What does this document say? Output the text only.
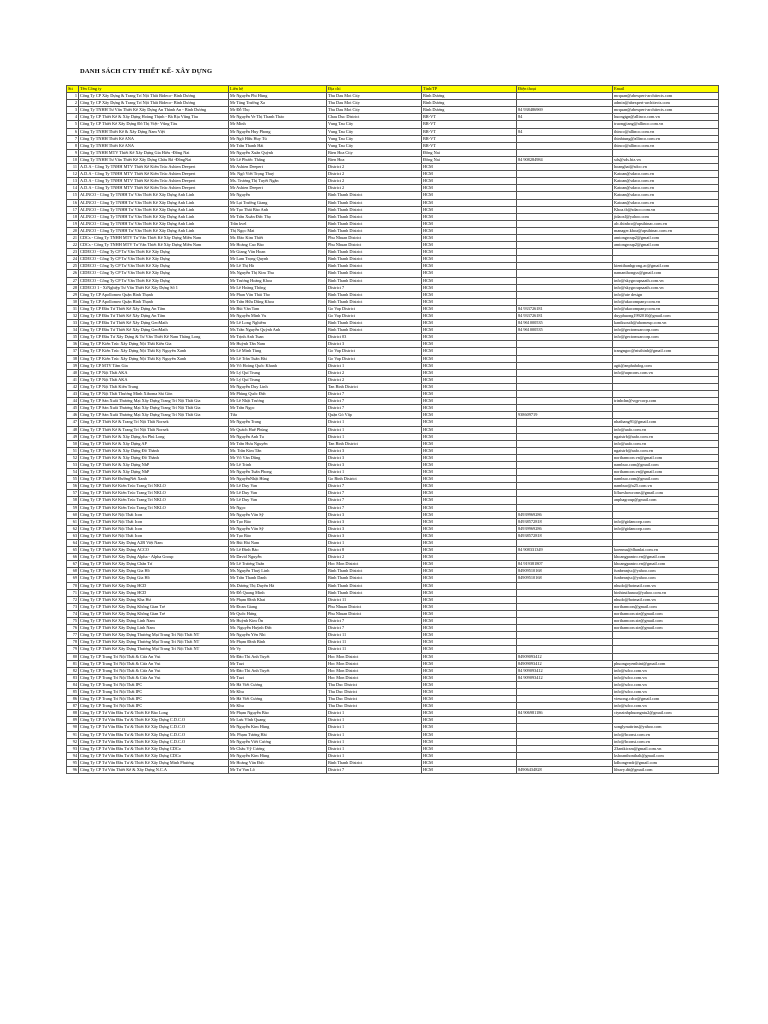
DANH SÁCH CTY THIẾT KẾ- XÂY DỰNG
Stt	Tên Công ty	Liên hệ	Địa chỉ	Tỉnh/TP	Điện thoại	Email
1	Công Ty CP Xây Dựng & Trang Trí Nội Thất Bideco- Bình Dương	Mr Nguyễn Phi Hùng	Thu Dau Mot City	Bình Dương		mrquan@abexpert-architects.com
2	Công Ty CP Xây Dựng & Trang Trí Nội Thất Bideco- Bình Dương	Mr Tăng Trường Xa	Thu Dau Mot City	Bình Dương		admin@abexpert-architects.com
3	Công Ty TNHH Tư Vấn Thiết Kế Xây Dựng An Thành An - Bình Dương	Mr Đỗ Thọ	Thu Dau Mot City	Bình Dương	84 938486969	mrquan@abexpert-architects.com
4	Công Ty CP Thiết Kế & Xây Dựng Hoàng Thịnh - Bà Rịa Vũng Tàu	Mr Nguyễn Ve Thị Thanh Thảo	Chau Duc District	BR-VT	84	huongtgn@allinco.com.vn
5	Công Ty CP Thiết Kế Xây Dựng Đô Thị Việt- Vũng Tàu	Mr Minh	Vung Tau City	BR-VT		truongjiang@allinco.com.vn
6	Công Ty TNHH Thiết Kế & Xây Dựng Nam Việt	Mr Nguyễn Huy Phong	Vung Tau City	BR-VT	84	thinco@allinco.com.vn
7	Công Ty TNHH Thiết Kế ANA	Mr Ngô Hữu Huy Tú	Vung Tau City	BR-VT		thinhtung@allinco.com.vn
8	Công Ty TNHH Thiết Kế ANA	Mr Trần Thanh Hải	Vung Tau City	BR-VT		thinco@allinco.com.vn
9	Công Ty TNHH MTV Thiết Kế Xây Dựng Gia Hiếu -Đồng Nai	Mr Nguyễn Xuân Quỳnh	Bien Hoa City	Đồng Nai		
10	Công Ty TNHH Tư Vấn Thiết Kế Xây Dựng Châu Bá -ĐồngNai	Mr Lê Phước Thắng	Bien Hoa	Đồng Nai	84 908284984	sds@sds.biz.vn
11	A.D.A - Công Ty TNHH MTV Thiết Kế Kiến Trúc Ashien Deepert	Mr Ashien Deepert	District 2	HCM		hoanghai@sdco.vn
12	A.D.A - Công Ty TNHH MTV Thiết Kế Kiến Trúc Ashien Deepert	Mr. Ngô Viết Trọng Thuỷ	District 2	HCM		Katoan@sdaco.com.vn
13	A.D.A - Công Ty TNHH MTV Thiết Kế Kiến Trúc Ashien Deepert	Ms. Trương Thị Tuyết Ngân	District 2	HCM		Katoan@sdaco.com.vn
14	A.D.A - Công Ty TNHH MTV Thiết Kế Kiến Trúc Ashien Deepert	Mr Ashien Deepert	District 2	HCM		Katoan@sdaco.com.vn
15	ALINCO - Công Ty TNHH Tư Vấn Thiết Kế Xây Dựng Anh Linh	Mr Nguyễn	Binh Thanh District	HCM		Katoan@sdaco.com.vn
16	ALINCO - Công Ty TNHH Tư Vấn Thiết Kế Xây Dựng Anh Linh	Mr Lại Trường Giang	Binh Thanh District	HCM		Katoan@sdaco.com.vn
17	ALINCO - Công Ty TNHH Tư Vấn Thiết Kế Xây Dựng Anh Linh	Mr Tạo Thái Bảo Anh	Binh Thanh District	HCM		Khoa.tb@sdaco.com.vn
18	ALINCO - Công Ty TNHH Tư Vấn Thiết Kế Xây Dựng Anh Linh	Mr Trần Xuân Đức Thọ	Binh Thanh District	HCM		jtdaoxl@yahoo.com
19	ALINCO - Công Ty TNHH Tư Vấn Thiết Kế Xây Dựng Anh Linh	Trần kvel	Binh Thanh District	HCM		alc.thinhco@apsthinac.com.vn
20	ALINCO - Công Ty TNHH Tư Vấn Thiết Kế Xây Dựng Anh Linh	Thị Ngọc Mai	Binh Thanh District	HCM		manager.khoa@apsthinac.com.vn
21	CDCs - Công Ty TNHH MTV Tư Vấn Thiết Kế Xây Dựng Miền Nam	Mr. Đào Kim Thiết	Phu Nhuan District	HCM		amtongroup2@gmail.com
22	CDCs - Công Ty TNHH MTV Tư Vấn Thiết Kế Xây Dựng Miền Nam	Mr Hoàng Cao Bảo	Phu Nhuan District	HCM		amtongroup2@gmail.com
23	CIDECO - Công Ty CP Tư Vấn Thiết Kế Xây Dựng	Mr Giang Văn Hoan	Binh Thanh District	HCM		
24	CIDECO - Công Ty CP Tư Vấn Thiết Kế Xây Dựng	Mr Lam Trọng Quynh	Binh Thanh District	HCM		
25	CIDECO - Công Ty CP Tư Vấn Thiết Kế Xây Dựng	Mr Lê Thị Hà	Binh Thanh District	HCM		kientthanhgrong.ac@gmail.com
26	CIDECO - Công Ty CP Tư Vấn Thiết Kế Xây Dựng	Ms Nguyễn Thị Kim Thu	Binh Thanh District	HCM		namanthongsx@gmail.com
27	CIDECO - Công Ty CP Tư Vấn Thiết Kế Xây Dựng	Mr Trương Hoàng Khoa	Binh Thanh District	HCM		info@skygroupsaath.com.vn
28	CIDECO 1 - XiNghiệp Tư Vấn Thiết Kế Xây Dựng Số 1	Mr Lê Hoàng Thông	District 7	HCM		info@skygroupsaath.com.vn
29	Công Ty CP Apollomeo Quận Bình Thạnh	Mr Phan Văn Thái Tho	Binh Thanh District	HCM		info@ate design
30	Công Ty CP Apollomeo Quận Bình Thạnh	Mr Trần Hữu Dũng Khoa	Binh Thanh District	HCM		info@akacompany.com.vn
31	Công Ty CP Đầu Tư Thiết Kế Xây Dựng An Tâm	Mr Bùi Văn Tam	Go Vap District	HCM	84 933726181	info@akacompany.com.vn
32	Công Ty CP Đầu Tư Thiết Kế Xây Dựng An Tâm	Mr Nguyễn Minh Vu	Go Vap District	HCM	84 933726181	duyphuong1992010@gmail.com
33	Công Ty CP Đầu Tư Thiết Kế Xây Dựng GeoMath	Mr Lê Long Nghiêm	Binh Thanh District	HCM	84 961000535	kaniksouth@ahomeup.com.vn
34	Công Ty CP Đầu Tư Thiết Kế Xây Dựng GeoMath	Ms Trần Nguyễn Quỳnh Anh	Binh Thanh District	HCM	84 961000535	info@gectomsarcorp.com
35	Công Ty CP Đầu Tư Xây Dựng & Tư Vấn Thiết Kế Nam Thăng Long	Mr Trịnh Anh Tuan	District 03	HCM		info@gectomsarcorp.com
36	Công Ty CP Kiến Trúc Xây Dựng Nội Thất Kiên Gia	Mr Huỳnh Tân Nam	District 3	HCM		
37	Công Ty CP Kiến Trúc Xây Dựng Nội Thất Kỳ Nguyên Xanh	Mr Lê Minh Tùng	Go Vap District	HCM		trangngoc@ntsthinh@gmail.com
38	Công Ty CP Kiến Trúc Xây Dựng Nội Thất Kỳ Nguyên Xanh	Mr Lê Trần Tuấn Hải	Go Vap District	HCM		
39	Công Ty CP MTV Tâm Gia	Mr Võ Hoàng Quốc Khanh	District 1	HCM		agtt@anphahdog.com
40	Công Ty CP Nội Thất AKA	Mr Lý Quí Trung	District 2	HCM		info@aqncons.com.vn
41	Công Ty CP Nội Thất AKA	Mr Lý Quí Trung	District 2	HCM		
42	Công Ty CP Nội Thất Kiên Trung	Mr Nguyễn Duy Linh	Tan Binh District	HCM		
43	Công Ty CP Nội Thất Thương Minh Xiboma Sài Gòn	Mr Phùng Quốc Đức	District 7	HCM		
44	Công Ty CP Sản Xuất Thương Mại Xây Dựng Trang Trí Nội Thất Gia	Mr Lê Nhật Trương	District 7	HCM		trinhchn@vqp-corp.com
45	Công Ty CP Sản Xuất Thương Mại Xây Dựng Trang Trí Nội Thất Gia	Mr Trần Ngọc	District 7	HCM		
46	Công Ty CP Sản Xuất Thương Mại Xây Dựng Trang Trí Nội Thất Gia	Tứa	Quận Gò Vấp	HCM	938609719	
47	Công Ty CP Thiết Kế & Trang Trí Nội Thất Norsek	Mr Nguyễn Trang	District 1	HCM		nhathang91@gmail.com
48	Công Ty CP Thiết Kế & Trang Trí Nội Thất Norsek	Mr Quách Huế Phùng	District 1	HCM		info@aafo.com.vn
49	Công Ty CP Thiết Kế & Xây Dựng An Phú Long	Mr Nguyễn Anh Tu	District 1	HCM		ngaistrb@aafo.com.vn
50	Công Ty CP Thiết Kế & Xây Dựng AP	Mr Trần Hưu Nguyên	Tan Binh District	HCM		info@aafo.com.vn
51	Công Ty CP Thiết Kế & Xây Dựng Đô Thành	Mr. Trần Kim Tân	District 3	HCM		ngaistrb@aafo.com.vn
52	Công Ty CP Thiết Kế & Xây Dựng Đô Thành	Mr Võ Văn Dũng	District 3	HCM		northamcon.vn@gmail.com
53	Công Ty CP Thiết Kế & Xây Dựng NhP	Mr Lê Trinh	District 3	HCM		nambuo.com@gmail.com
54	Công Ty CP Thiết Kế & Xây Dựng NhP	Mr Nguyễn Tuấn Phong	District 1	HCM		northamcon.vn@gmail.com
55	Công Ty CP Thiết Kế ĐườngNét Xanh	Mr NguyễnNhật Hùng	Go Binh District	HCM		nambuo.com@gmail.com
56	Công Ty CP Thiết Kế Kiến Trúc Trang Trí NKLO	Mr Lê Duy Van	District 7	HCM		nambuo@a25.com.vn
57	Công Ty CP Thiết Kế Kiến Trúc Trang Trí NKLO	Mr Lê Duy Van	District 7	HCM		liflueshowroms@gmail.com
58	Công Ty CP Thiết Kế Kiến Trúc Trang Trí NKLO	Mr Lê Duy Van	District 7	HCM		anphagroup@gmail.com
59	Công Ty CP Thiết Kế Kiến Trúc Trang Trí NKLO	Mr Ngọc	District 7	HCM		
60	Công Ty CP Thiết Kế Nội Thất Icon	Mr Nguyễn Văn Sỹ	District 3	HCM	84939969286	
61	Công Ty CP Thiết Kế Nội Thất Icon	Mr Tạo Bảo	District 3	HCM	84938572818	info@gidancorp.com
62	Công Ty CP Thiết Kế Nội Thất Icon	Mr Nguyễn Văn Sỹ	District 3	HCM	84939969286	info@gidancorp.com
63	Công Ty CP Thiết Kế Nội Thất Icon	Mr Tạo Bảo	District 3	HCM	84938572818	
64	Công Ty CP Thiết Kế Xây Dựng A2B Việt Nam	Mr Bùi Hải Nam	District 1	HCM		
65	Công Ty CP Thiết Kế Xây Dựng ACCO	Mr Lê Đình Bảo	District 8	HCM	84 908331349	koenma@dhanlai.com.vn
66	Công Ty CP Thiết Kế Xây Dựng Alpha - Alpha Group	Mr David Nguyễn	District 2	HCM		khoangpantro.vn@gmail.com
67	Công Ty CP Thiết Kế Xây Dựng Chân Trí	Mr Lê Trương Tuấn	Hoc Mon District	HCM	84 919381807	khoangpantro.vn@gmail.com
68	Công Ty CP Thiết Kế Xây Dựng Gia Hồ	Ms Nguyễn Thuỳ Linh	Binh Thanh District	HCM	84909510168	funbeanjsc@yahoo.com
69	Công Ty CP Thiết Kế Xây Dựng Gia Hồ	Mr Trần Thanh Danh	Binh Thanh District	HCM	84909510168	funbeanjsc@yahoo.com
70	Công Ty CP Thiết Kế Xây Dựng HCD	Ms Dương Thị Duyên Hà	Binh Thanh District	HCM		nhudo@hotmail.com.vn
71	Công Ty CP Thiết Kế Xây Dựng HCD	Mr Đỗ Quang Minh	Binh Thanh District	HCM		binhtruthanoa@yahoo.com.vn
72	Công Ty CP Thiết Kế Xây Dựng Kha Hư	Mr Phạm Đình Khai	District 11	HCM		nhudo@hotmail.com.vn
73	Công Ty CP Thiết Kế Xây Dựng Không Gian Trẻ	Mr Đoan Giang	Phu Nhuan District	HCM		northamcon@gmail.com
74	Công Ty CP Thiết Kế Xây Dựng Không Gian Trẻ	Mr Quốc Hưng	Phu Nhuan District	HCM		northamcon.ste@gmail.com
75	Công Ty CP Thiết Kế Xây Dựng Linh Nam	Mr Huỳnh Kim Ôn	District 7	HCM		northamcon.ste@gmail.com
76	Công Ty CP Thiết Kế Xây Dựng Linh Nam	Mr. Nguyễn Huỳnh Đức	District 7	HCM		northamcon.ste@gmail.com
77	Công Ty CP Thiết Kế Xây Dựng Thương Mại Trang Trí Nội Thất NT	Mr Nguyễn Yên Nhi	District 11	HCM		
78	Công Ty CP Thiết Kế Xây Dựng Thương Mại Trang Trí Nội Thất NT	Mr Phạm Đình Bình	District 11	HCM		
79	Công Ty CP Thiết Kế Xây Dựng Thương Mại Trang Trí Nội Thất NT	Mr Vy	District 11	HCM		
80	Công Ty CP Trang Trí Nội Thất & Cửa An Vui	Mr Đào Thi Anh Tuyết	Hoc Mon District	HCM	84909093412	
81	Công Ty CP Trang Trí Nội Thất & Cửa An Vui	Mr Tuzi	Hoc Mon District	HCM	84909093412	phuongoyenthint@gmail.com
82	Công Ty CP Trang Trí Nội Thất & Cửa An Vui	Mr Đào Thi Anh Tuyết	Hoc Mon District	HCM	84 909093412	info@sdco.com.vn
83	Công Ty CP Trang Trí Nội Thất & Cửa An Vui	Mr Tuzi	Hoc Mon District	HCM	84 909093412	info@sdco.com.vn
84	Công Ty CP Trang Trí Nội Thất IPC	Mr Hà Viết Cương	Thu Duc District	HCM		info@sdco.com.vn
85	Công Ty CP Trang Trí Nội Thất IPC	Mr Khu	Thu Duc District	HCM		info@sdco.com.vn
86	Công Ty CP Trang Trí Nội Thất IPC	Mr Hà Viết Cương	Thu Duc District	HCM		vieuong.cdco@gmail.com
87	Công Ty CP Trang Trí Nội Thất IPC	Mr Khu	Thu Duc District	HCM		info@sdco.com.vn
88	Công Ty CP Tư Vấn Đầu Tư & Thiết Kế Bảo Long	Mr Phạm Nguyễn Bảo	District 1	HCM	84 906981186	ctynzinhphuongntu2@gmail.com
89	Công Ty CP Tư Vấn Đầu Tư & Thiết Kế Xây Dựng C.D.C.O	Mr Lưu Vĩnh Quang	District 1	HCM		
90	Công Ty CP Tư Vấn Đầu Tư & Thiết Kế Xây Dựng C.D.C.O	Mr Nguyễn Kim Hùng	District 1	HCM		songlynuttrins@yahoo.com
91	Công Ty CP Tư Vấn Đầu Tư & Thiết Kế Xây Dựng C.D.C.O	Mr. Phạm Tương Hải	District 1	HCM		info@hconst.com.vn
92	Công Ty CP Tư Vấn Đầu Tư & Thiết Kế Xây Dựng C.D.C.O	Mr Nguyễn Viết Cương	District 1	HCM		info@hconst.com.vn
93	Công Ty CP Tư Vấn Đầu Tư & Thiết Kế Xây Dựng CDCo	Mr Châu Vỹ Cương	District 1	HCM		23antkicsm@gmail.com.vn
94	Công Ty CP Tư Vấn Đầu Tư & Thiết Kế Xây Dựng CDCo	Mr Nguyễn Kim Hùng	District 1	HCM		kshoanthonthalt@gmail.com
95	Công Ty CP Tư Vấn Đầu Tư & Thiết Kế Xây Dựng Minh Phương	Mr Hoàng Văn Đức	Binh Thanh District	HCM		kdhongvndr@gmail.com
96	Công Ty CP Tư Vấn Thiết Kế & Xây Dựng N.C.A	Mr Tư Van Lô	District 7	HCM	84906434828	lthuvy.dtt@gmail.com
